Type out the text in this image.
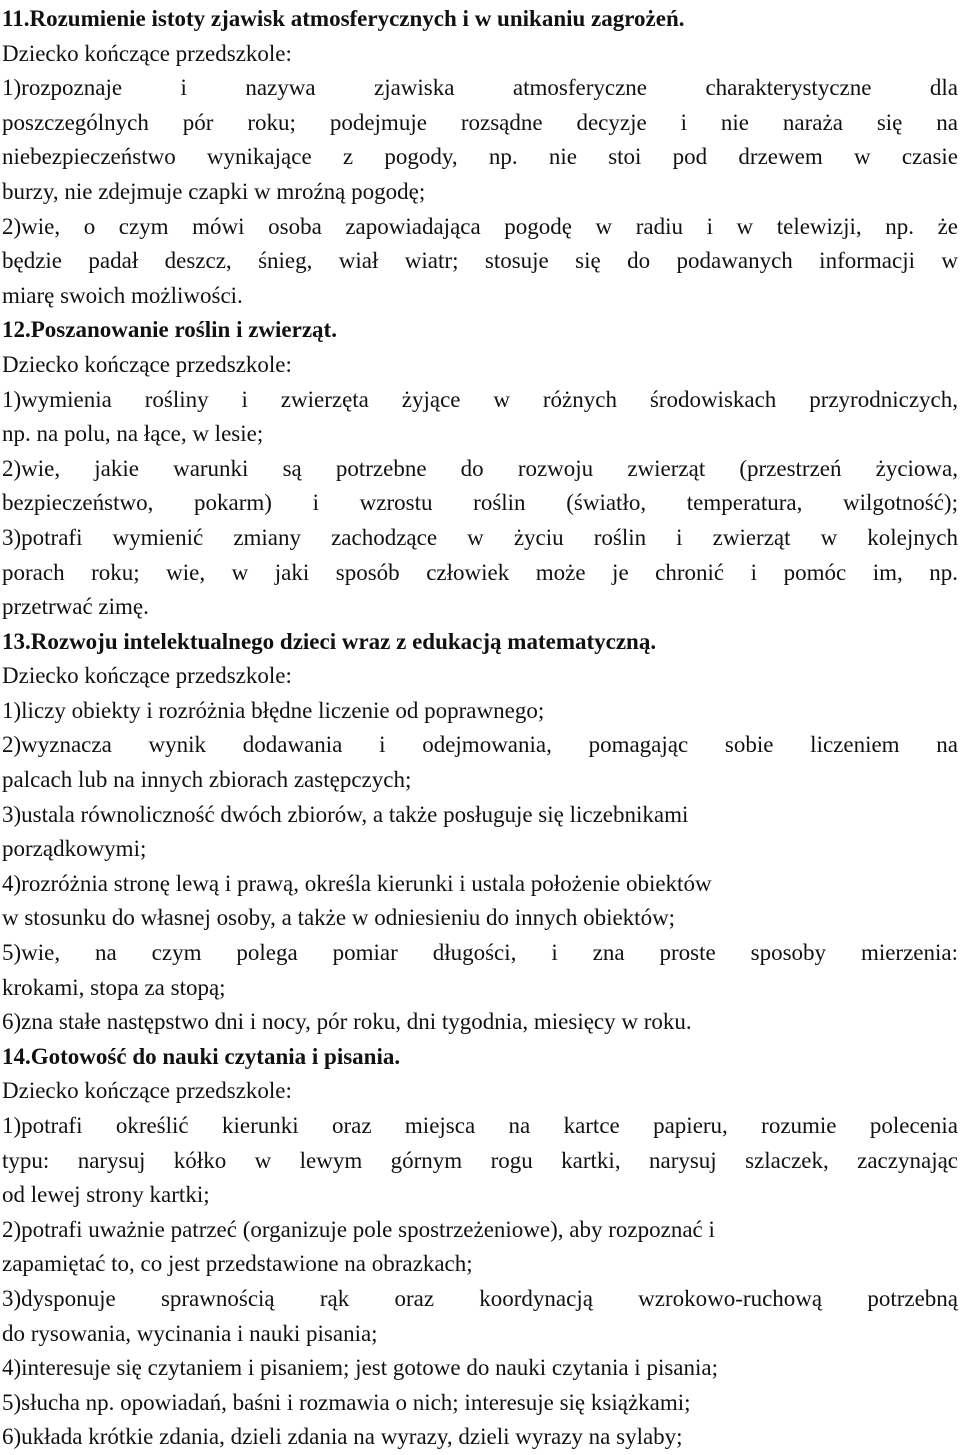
11.Rozumienie istoty zjawisk atmosferycznych i w unikaniu zagrożeń.
Dziecko kończące przedszkole:
1)rozpoznaje i nazywa zjawiska atmosferyczne charakterystyczne dla
poszczególnych pór roku; podejmuje rozsądne decyzje i nie naraża się na
niebezpieczeństwo wynikające z pogody, np. nie stoi pod drzewem w czasie
burzy, nie zdejmuje czapki w mroźną pogodę;
2)wie, o czym mówi osoba zapowiadająca pogodę w radiu i w telewizji, np. że
będzie padał deszcz, śnieg, wiał wiatr; stosuje się do podawanych informacji w
miarę swoich możliwości.
12.Poszanowanie roślin i zwierząt.
Dziecko kończące przedszkole:
1)wymienia rośliny i zwierzęta żyjące w różnych środowiskach przyrodniczych,
np. na polu, na łące, w lesie;
2)wie, jakie warunki są potrzebne do rozwoju zwierząt (przestrzeń życiowa,
bezpieczeństwo, pokarm) i wzrostu roślin (światło, temperatura, wilgotność);
3)potrafi wymienić zmiany zachodzące w życiu roślin i zwierząt w kolejnych
porach roku; wie, w jaki sposób człowiek może je chronić i pomóc im, np.
przetrwać zimę.
13.Rozwoju intelektualnego dzieci wraz z edukacją matematyczną.
Dziecko kończące przedszkole:
1)liczy obiekty i rozróżnia błędne liczenie od poprawnego;
2)wyznacza wynik dodawania i odejmowania, pomagając sobie liczeniem na
palcach lub na innych zbiorach zastępczych;
3)ustala równoliczność dwóch zbiorów, a także posługuje się liczebnikami
porządkowymi;
4)rozróżnia stronę lewą i prawą, określa kierunki i ustala położenie obiektów
w stosunku do własnej osoby, a także w odniesieniu do innych obiektów;
5)wie, na czym polega pomiar długości, i zna proste sposoby mierzenia:
krokami, stopa za stopą;
6)zna stałe następstwo dni i nocy, pór roku, dni tygodnia, miesięcy w roku.
14.Gotowość do nauki czytania i pisania.
Dziecko kończące przedszkole:
1)potrafi określić kierunki oraz miejsca na kartce papieru, rozumie polecenia
typu: narysuj kółko w lewym górnym rogu kartki, narysuj szlaczek, zaczynając
od lewej strony kartki;
2)potrafi uważnie patrzeć (organizuje pole spostrzeżeniowe), aby rozpoznać i
zapamiętać to, co jest przedstawione na obrazkach;
3)dysponuje sprawnością rąk oraz koordynacją wzrokowo-ruchową potrzebną
do rysowania, wycinania i nauki pisania;
4)interesuje się czytaniem i pisaniem; jest gotowe do nauki czytania i pisania;
5)słucha np. opowiadań, baśni i rozmawia o nich; interesuje się książkami;
6)układa krótkie zdania, dzieli zdania na wyrazy, dzieli wyrazy na sylaby;
